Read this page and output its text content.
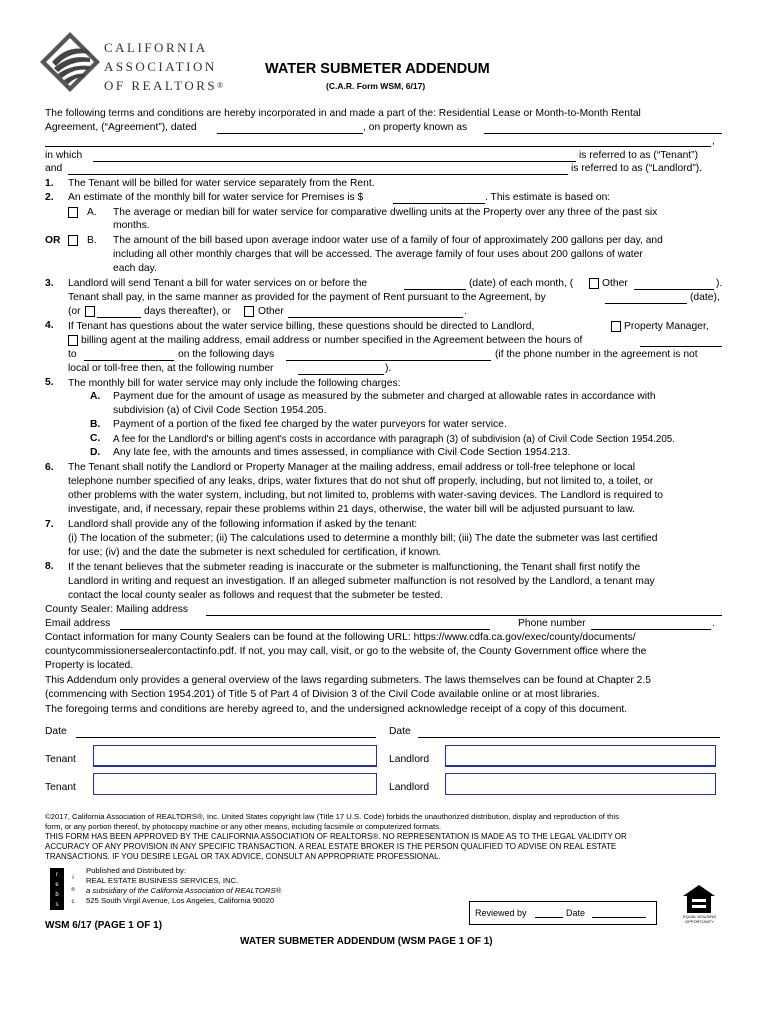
CALIFORNIA
ASSOCIATION
OF REALTORS®
WATER SUBMETER ADDENDUM
(C.A.R. Form WSM, 6/17)
The following terms and conditions are hereby incorporated in and made a part of the: Residential Lease or Month-to-Month Rental
Agreement, (“Agreement”), dated	, on property known as
,
in which	is referred to as (“Tenant”)
and	is referred to as (“Landlord”).
1. The Tenant will be billed for water service separately from the Rent.
2. An estimate of the monthly bill for water service for Premises is $	. This estimate is based on:
A. The average or median bill for water service for comparative dwelling units at the Property over any three of the past six
months.
OR	B. The amount of the bill based upon average indoor water use of a family of four of approximately 200 gallons per day, and
including all other monthly charges that will be accessed. The average family of four uses about 200 gallons of water
each day.
3. Landlord will send Tenant a bill for water services on or before the	(date) of each month, (	Other	).
Tenant shall pay, in the same manner as provided for the payment of Rent pursuant to the Agreement, by	(date),
(or	days thereafter), or	Other	.
4. If Tenant has questions about the water service billing, these questions should be directed to Landlord,	Property Manager,
billing agent at the mailing address, email address or number specified in the Agreement between the hours of
to	on the following days	(if the phone number in the agreement is not
local or toll-free then, at the following number	).
5. The monthly bill for water service may only include the following charges:
A. Payment due for the amount of usage as measured by the submeter and charged at allowable rates in accordance with
subdivision (a) of Civil Code Section 1954.205.
B. Payment of a portion of the fixed fee charged by the water purveyors for water service.
C. A fee for the Landlord's or billing agent's costs in accordance with paragraph (3) of subdivision (a) of Civil Code Section 1954.205.
D. Any late fee, with the amounts and times assessed, in compliance with Civil Code Section 1954.213.
6. The Tenant shall notify the Landlord or Property Manager at the mailing address, email address or toll-free telephone or local
telephone number specified of any leaks, drips, water fixtures that do not shut off properly, including, but not limited to, a toilet, or
other problems with the water system, including, but not limited to, problems with water-saving devices. The Landlord is required to
investigate, and, if necessary, repair these problems within 21 days, otherwise, the water bill will be adjusted pursuant to law.
7. Landlord shall provide any of the following information if asked by the tenant:
(i) The location of the submeter; (ii) The calculations used to determine a monthly bill; (iii) The date the submeter was last certified
for use; (iv) and the date the submeter is next scheduled for certification, if known.
8. If the tenant believes that the submeter reading is inaccurate or the submeter is malfunctioning, the Tenant shall first notify the
Landlord in writing and request an investigation. If an alleged submeter malfunction is not resolved by the Landlord, a tenant may
contact the local county sealer as follows and request that the submeter be tested.
County Sealer: Mailing address
Email address	Phone number	.
Contact information for many County Sealers can be found at the following URL: https://www.cdfa.ca.gov/exec/county/documents/
countycommissionersealercontactinfo.pdf. If not, you may call, visit, or go to the website of, the County Government office where the
Property is located.
This Addendum only provides a general overview of the laws regarding submeters. The laws themselves can be found at Chapter 2.5
(commencing with Section 1954.201) of Title 5 of Part 4 of Division 3 of the Civil Code available online or at most libraries.
The foregoing terms and conditions are hereby agreed to, and the undersigned acknowledge receipt of a copy of this document.
Date	Date
Tenant	Landlord
Tenant	Landlord
©2017, California Association of REALTORS®, Inc. United States copyright law (Title 17 U.S. Code) forbids the unauthorized distribution, display and reproduction of this
form, or any portion thereof, by photocopy machine or any other means, including facsimile or computerized formats.
THIS FORM HAS BEEN APPROVED BY THE CALIFORNIA ASSOCIATION OF REALTORS®. NO REPRESENTATION IS MADE AS TO THE LEGAL VALIDITY OR
ACCURACY OF ANY PROVISION IN ANY SPECIFIC TRANSACTION. A REAL ESTATE BROKER IS THE PERSON QUALIFIED TO ADVISE ON REAL ESTATE
TRANSACTIONS. IF YOU DESIRE LEGAL OR TAX ADVICE, CONSULT AN APPROPRIATE PROFESSIONAL.
r
e
b
s
i
n
c
Published and Distributed by:
REAL ESTATE BUSINESS SERVICES, INC.
a subsidiary of the California Association of REALTORS®
525 South Virgil Avenue, Los Angeles, California 90020
Reviewed by	Date	EQUAL HOUSING
OPPORTUNITY
WSM 6/17 (PAGE 1 OF 1)
WATER SUBMETER ADDENDUM (WSM PAGE 1 OF 1)
